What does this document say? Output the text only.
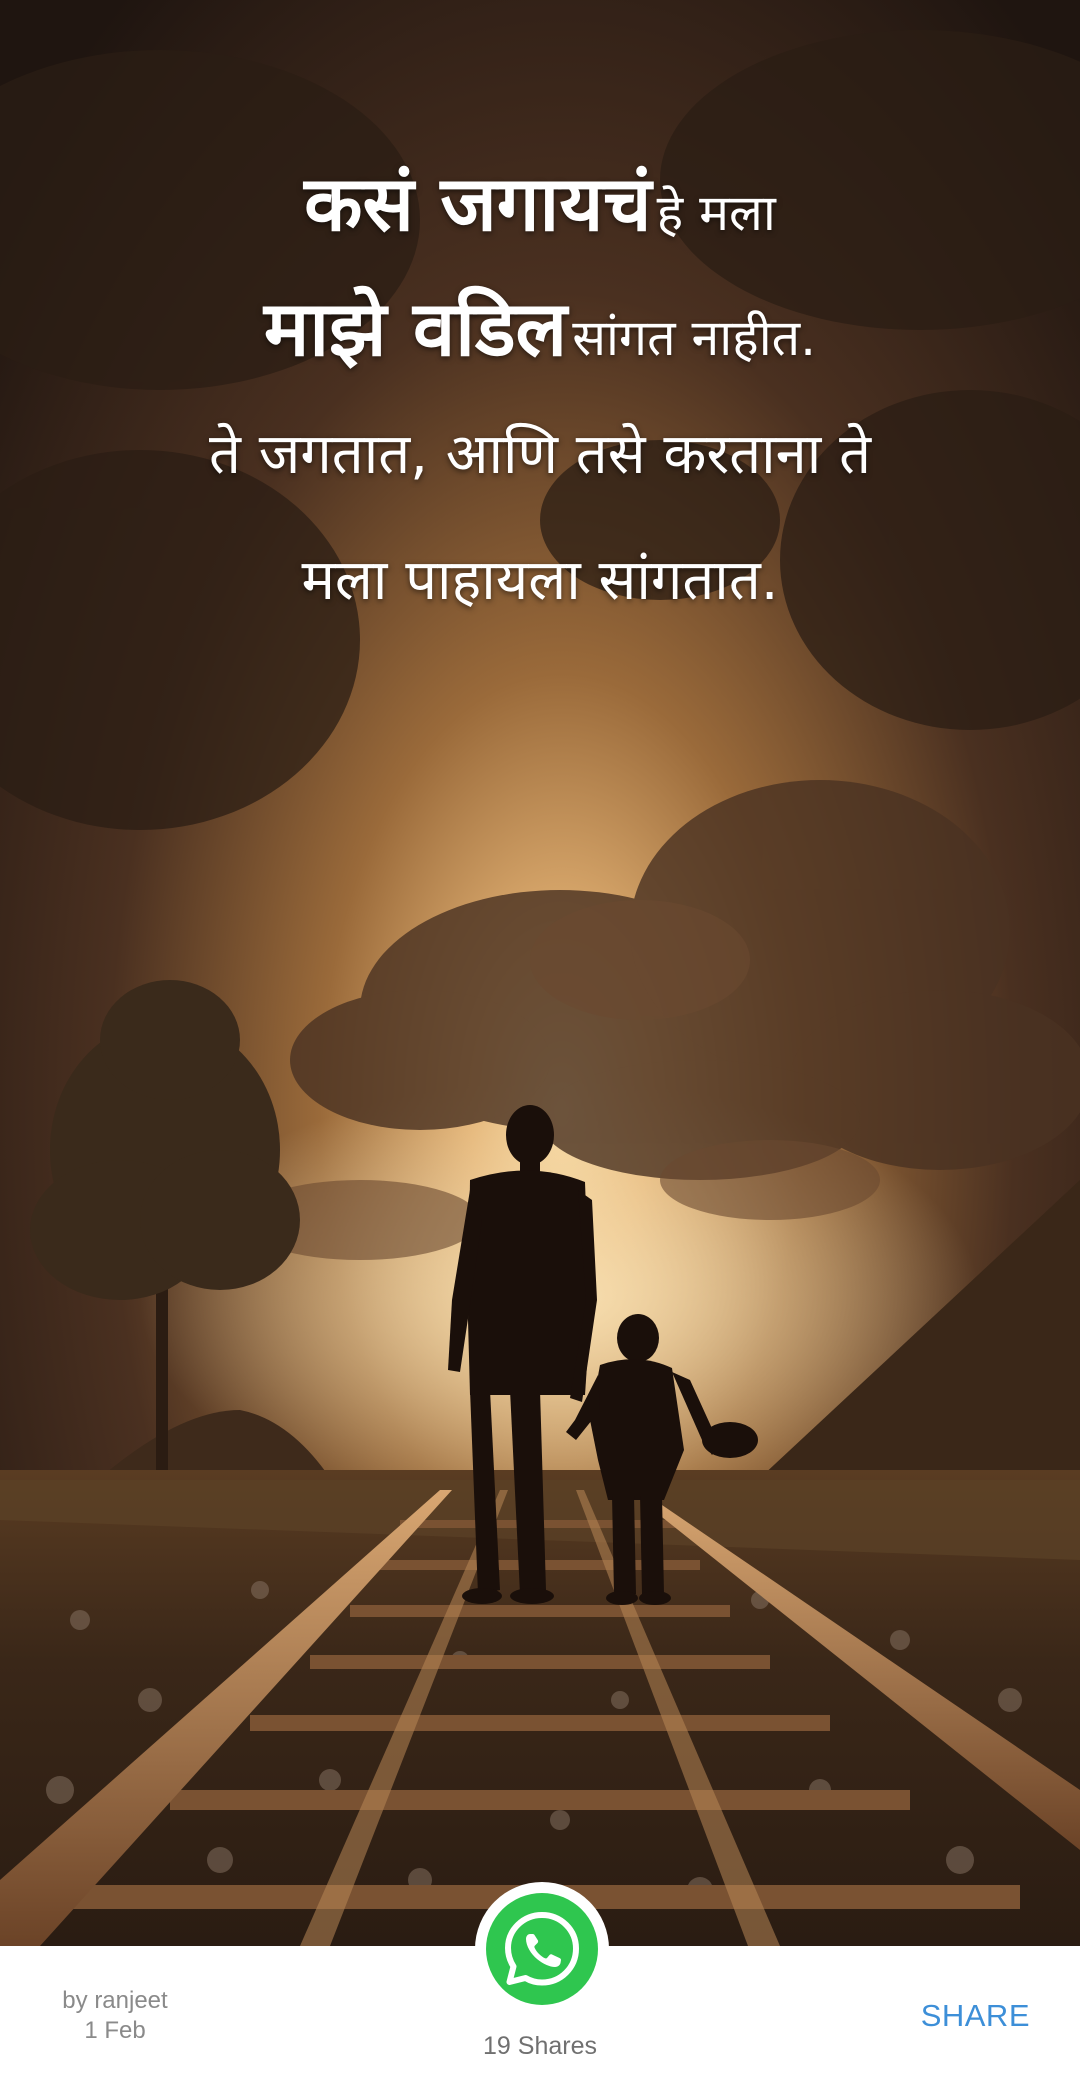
कसं जगायचं हे मला
माझे वडिल सांगत नाहीत.
ते जगतात, आणि तसे करताना ते
मला पाहायला सांगतात.
by ranjeet
1 Feb
19 Shares
SHARE
